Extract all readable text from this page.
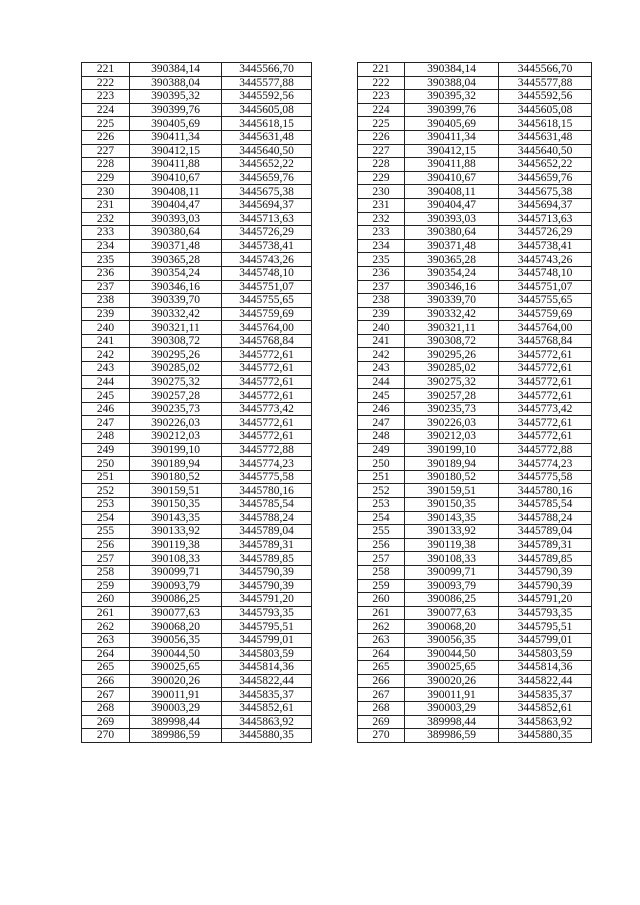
221	390384,14	3445566,70		221	390384,14	3445566,70
222	390388,04	3445577,88		222	390388,04	3445577,88
223	390395,32	3445592,56		223	390395,32	3445592,56
224	390399,76	3445605,08		224	390399,76	3445605,08
225	390405,69	3445618,15		225	390405,69	3445618,15
226	390411,34	3445631,48		226	390411,34	3445631,48
227	390412,15	3445640,50		227	390412,15	3445640,50
228	390411,88	3445652,22		228	390411,88	3445652,22
229	390410,67	3445659,76		229	390410,67	3445659,76
230	390408,11	3445675,38		230	390408,11	3445675,38
231	390404,47	3445694,37		231	390404,47	3445694,37
232	390393,03	3445713,63		232	390393,03	3445713,63
233	390380,64	3445726,29		233	390380,64	3445726,29
234	390371,48	3445738,41		234	390371,48	3445738,41
235	390365,28	3445743,26		235	390365,28	3445743,26
236	390354,24	3445748,10		236	390354,24	3445748,10
237	390346,16	3445751,07		237	390346,16	3445751,07
238	390339,70	3445755,65		238	390339,70	3445755,65
239	390332,42	3445759,69		239	390332,42	3445759,69
240	390321,11	3445764,00		240	390321,11	3445764,00
241	390308,72	3445768,84		241	390308,72	3445768,84
242	390295,26	3445772,61		242	390295,26	3445772,61
243	390285,02	3445772,61		243	390285,02	3445772,61
244	390275,32	3445772,61		244	390275,32	3445772,61
245	390257,28	3445772,61		245	390257,28	3445772,61
246	390235,73	3445773,42		246	390235,73	3445773,42
247	390226,03	3445772,61		247	390226,03	3445772,61
248	390212,03	3445772,61		248	390212,03	3445772,61
249	390199,10	3445772,88		249	390199,10	3445772,88
250	390189,94	3445774,23		250	390189,94	3445774,23
251	390180,52	3445775,58		251	390180,52	3445775,58
252	390159,51	3445780,16		252	390159,51	3445780,16
253	390150,35	3445785,54		253	390150,35	3445785,54
254	390143,35	3445788,24		254	390143,35	3445788,24
255	390133,92	3445789,04		255	390133,92	3445789,04
256	390119,38	3445789,31		256	390119,38	3445789,31
257	390108,33	3445789,85		257	390108,33	3445789,85
258	390099,71	3445790,39		258	390099,71	3445790,39
259	390093,79	3445790,39		259	390093,79	3445790,39
260	390086,25	3445791,20		260	390086,25	3445791,20
261	390077,63	3445793,35		261	390077,63	3445793,35
262	390068,20	3445795,51		262	390068,20	3445795,51
263	390056,35	3445799,01		263	390056,35	3445799,01
264	390044,50	3445803,59		264	390044,50	3445803,59
265	390025,65	3445814,36		265	390025,65	3445814,36
266	390020,26	3445822,44		266	390020,26	3445822,44
267	390011,91	3445835,37		267	390011,91	3445835,37
268	390003,29	3445852,61		268	390003,29	3445852,61
269	389998,44	3445863,92		269	389998,44	3445863,92
270	389986,59	3445880,35		270	389986,59	3445880,35
